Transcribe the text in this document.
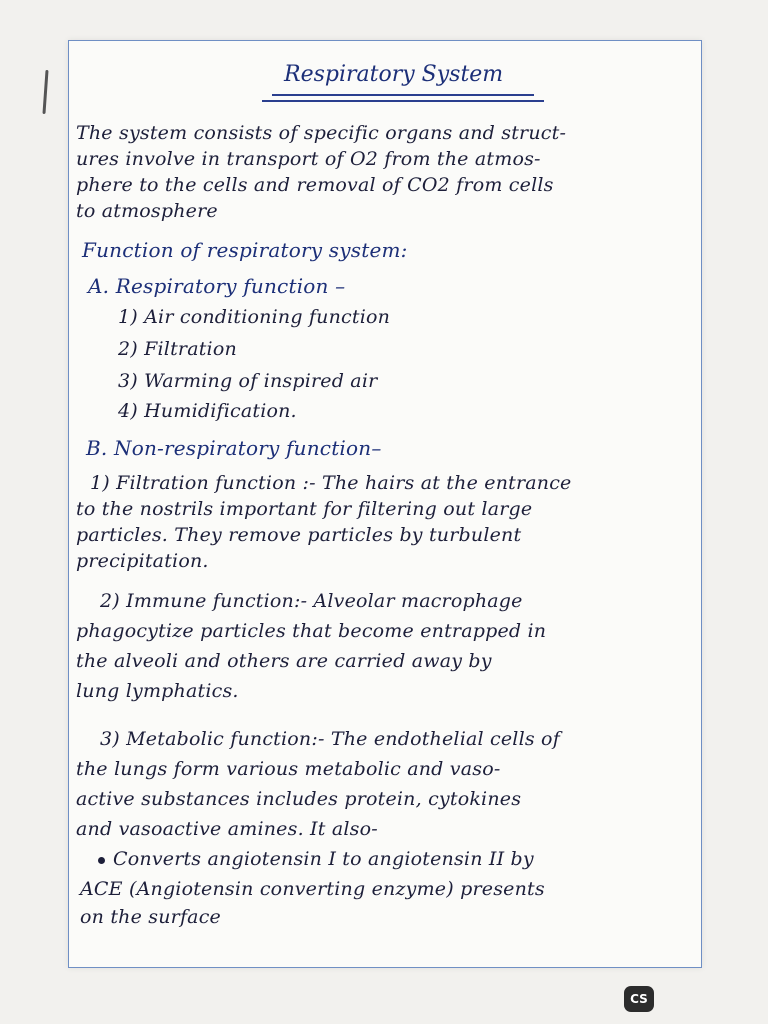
Respiratory System
The system consists of specific organs and struct-
ures involve in transport of O2 from the atmos-
phere to the cells and removal of CO2 from cells
to atmosphere
Function of respiratory system:
A. Respiratory function –
1) Air conditioning function
2) Filtration
3) Warming of inspired air
4) Humidification.
B. Non-respiratory function–
1) Filtration function :- The hairs at the entrance
to the nostrils important for filtering out large
particles. They remove particles by turbulent
precipitation.
2) Immune function:- Alveolar macrophage
phagocytize particles that become entrapped in
the alveoli and others are carried away by
lung lymphatics.
3) Metabolic function:- The endothelial cells of
the lungs form various metabolic and vaso-
active substances includes protein, cytokines
and vasoactive amines. It also-
Converts angiotensin I to angiotensin II by
ACE (Angiotensin converting enzyme) presents
on the surface
CS
